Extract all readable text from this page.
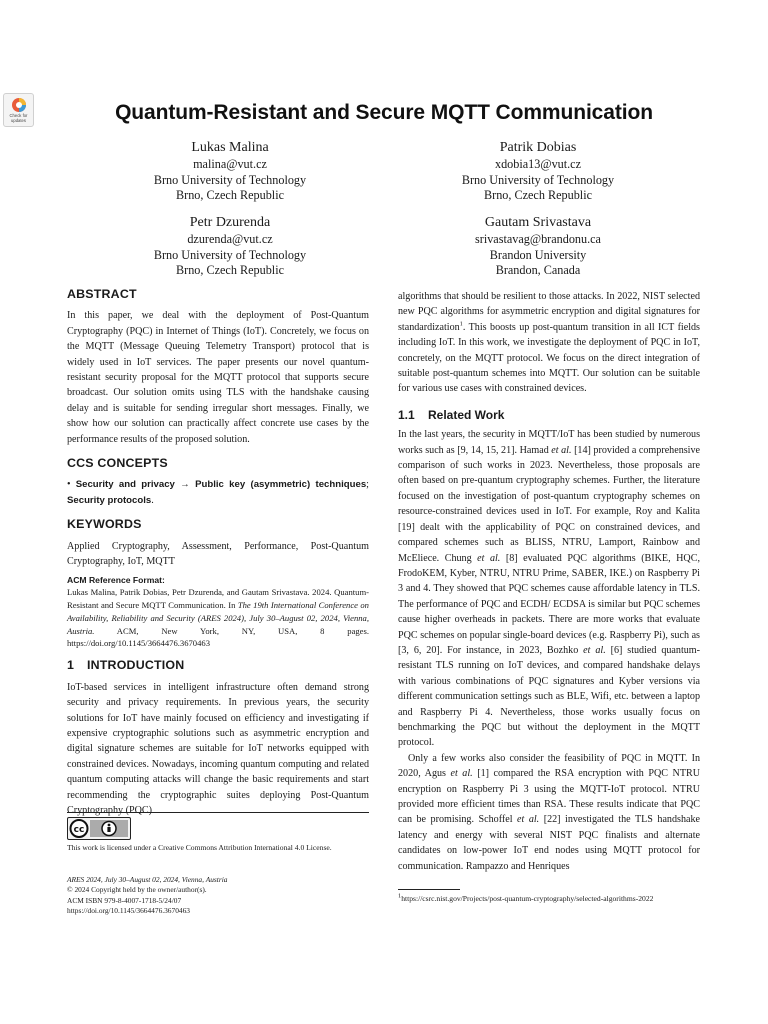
Check for
updates	Quantum-Resistant and Secure MQTT Communication
Lukas Malina
malina@vut.cz
Brno University of Technology
Brno, Czech Republic
Patrik Dobias
xdobia13@vut.cz
Brno University of Technology
Brno, Czech Republic
Petr Dzurenda
dzurenda@vut.cz
Brno University of Technology
Brno, Czech Republic
Gautam Srivastava
srivastavag@brandonu.ca
Brandon University
Brandon, Canada
ABSTRACT

In this paper, we deal with the deployment of Post-Quantum Cryptography (PQC) in Internet of Things (IoT). Concretely, we focus on the MQTT (Message Queuing Telemetry Transport) protocol that is widely used in IoT services. The paper presents our novel quantum-resistant security proposal for the MQTT protocol that supports secure broadcast. Our solution omits using TLS with the handshake causing delay and is suitable for sending irregular short messages. Finally, we show how our solution can practically affect concrete use cases by the performance results of the proposed solution.

CCS CONCEPTS

• Security and privacy → Public key (asymmetric) techniques; Security protocols.

KEYWORDS

Applied Cryptography, Assessment, Performance, Post-Quantum Cryptography, IoT, MQTT

ACM Reference Format:
Lukas Malina, Patrik Dobias, Petr Dzurenda, and Gautam Srivastava. 2024. Quantum-Resistant and Secure MQTT Communication. In The 19th International Conference on Availability, Reliability and Security (ARES 2024), July 30–August 02, 2024, Vienna, Austria. ACM, New York, NY, USA, 8 pages. https://doi.org/10.1145/3664476.3670463
1 INTRODUCTION

IoT-based services in intelligent infrastructure often demand strong security and privacy requirements. In previous years, the security solutions for IoT have mainly focused on efficiency and investigating if expensive cryptographic solutions such as asymmetric encryption and digital signature schemes are suitable for IoT networks equipped with constrained devices. Nowadays, incoming quantum computing and related quantum computing attacks will change the basic requirements and start recommending the cryptographic suites deploying Post-Quantum Cryptography (PQC)

cc
This work is licensed under a Creative Commons Attribution International 4.0 License.
ARES 2024, July 30–August 02, 2024, Vienna, Austria
© 2024 Copyright held by the owner/author(s).
ACM ISBN 979-8-4007-1718-5/24/07
https://doi.org/10.1145/3664476.3670463

algorithms that should be resilient to those attacks. In 2022, NIST selected new PQC algorithms for asymmetric encryption and digital signatures for standardization$^1$. This boosts up post-quantum transition in all ICT fields including IoT. In this work, we investigate the deployment of PQC in IoT, concretely, on the MQTT protocol. We focus on the direct integration of suitable post-quantum schemes into MQTT. Our solution can be suitable for various use cases with constrained devices.

1.1 Related Work

In the last years, the security in MQTT/IoT has been studied by numerous works such as [9, 14, 15, 21]. Hamad et al. [14] provided a comprehensive comparison of such works in 2023. Nevertheless, those proposals are often based on pre-quantum cryptography schemes. Further, the literature focused on the investigation of post-quantum cryptography schemes on resource-constrained devices used in IoT. For example, Roy and Kalita [19] dealt with the applicability of PQC on constrained devices, and compared schemes such as BLISS, NTRU, Lamport, Rainbow and McEliece. Chung et al. [8] evaluated PQC algorithms (BIKE, HQC, FrodoKEM, Kyber, NTRU, NTRU Prime, SABER, IKE.) on Raspberry Pi 3 and 4. They showed that PQC schemes cause affordable latency in TLS. The performance of PQC and ECDH/ ECDSA is similar but PQC schemes cause higher overheads in packets. There are more works that evaluate PQC schemes on popular single-board devices (e.g. Raspberry Pi), such as [3, 6, 20]. For instance, in 2023, Bozhko et al. [6] studied quantum-resistant TLS running on IoT devices, and compared handshake delays with various combinations of PQC signatures and Kyber versions via different communication settings such as BLE, Wifi, etc. between a laptop and Raspberry Pi 4. Nevertheless, those works usually focus on benchmarking the PQC but without the deployment in the MQTT protocol.

Only a few works also consider the feasibility of PQC in MQTT. In 2020, Agus et al. [1] compared the RSA encryption with PQC NTRU encryption on Raspberry Pi 3 using the MQTT-IoT protocol. NTRU provided more efficient times than RSA. These results indicate that PQC can be promising. Schoffel et al. [22] investigated the TLS handshake latency and energy with several NIST PQC finalists and alternate candidates on low-power IoT end nodes using MQTT protocol for communication. Rampazzo and Henriques

$^1$https://csrc.nist.gov/Projects/post-quantum-cryptography/selected-algorithms-2022
